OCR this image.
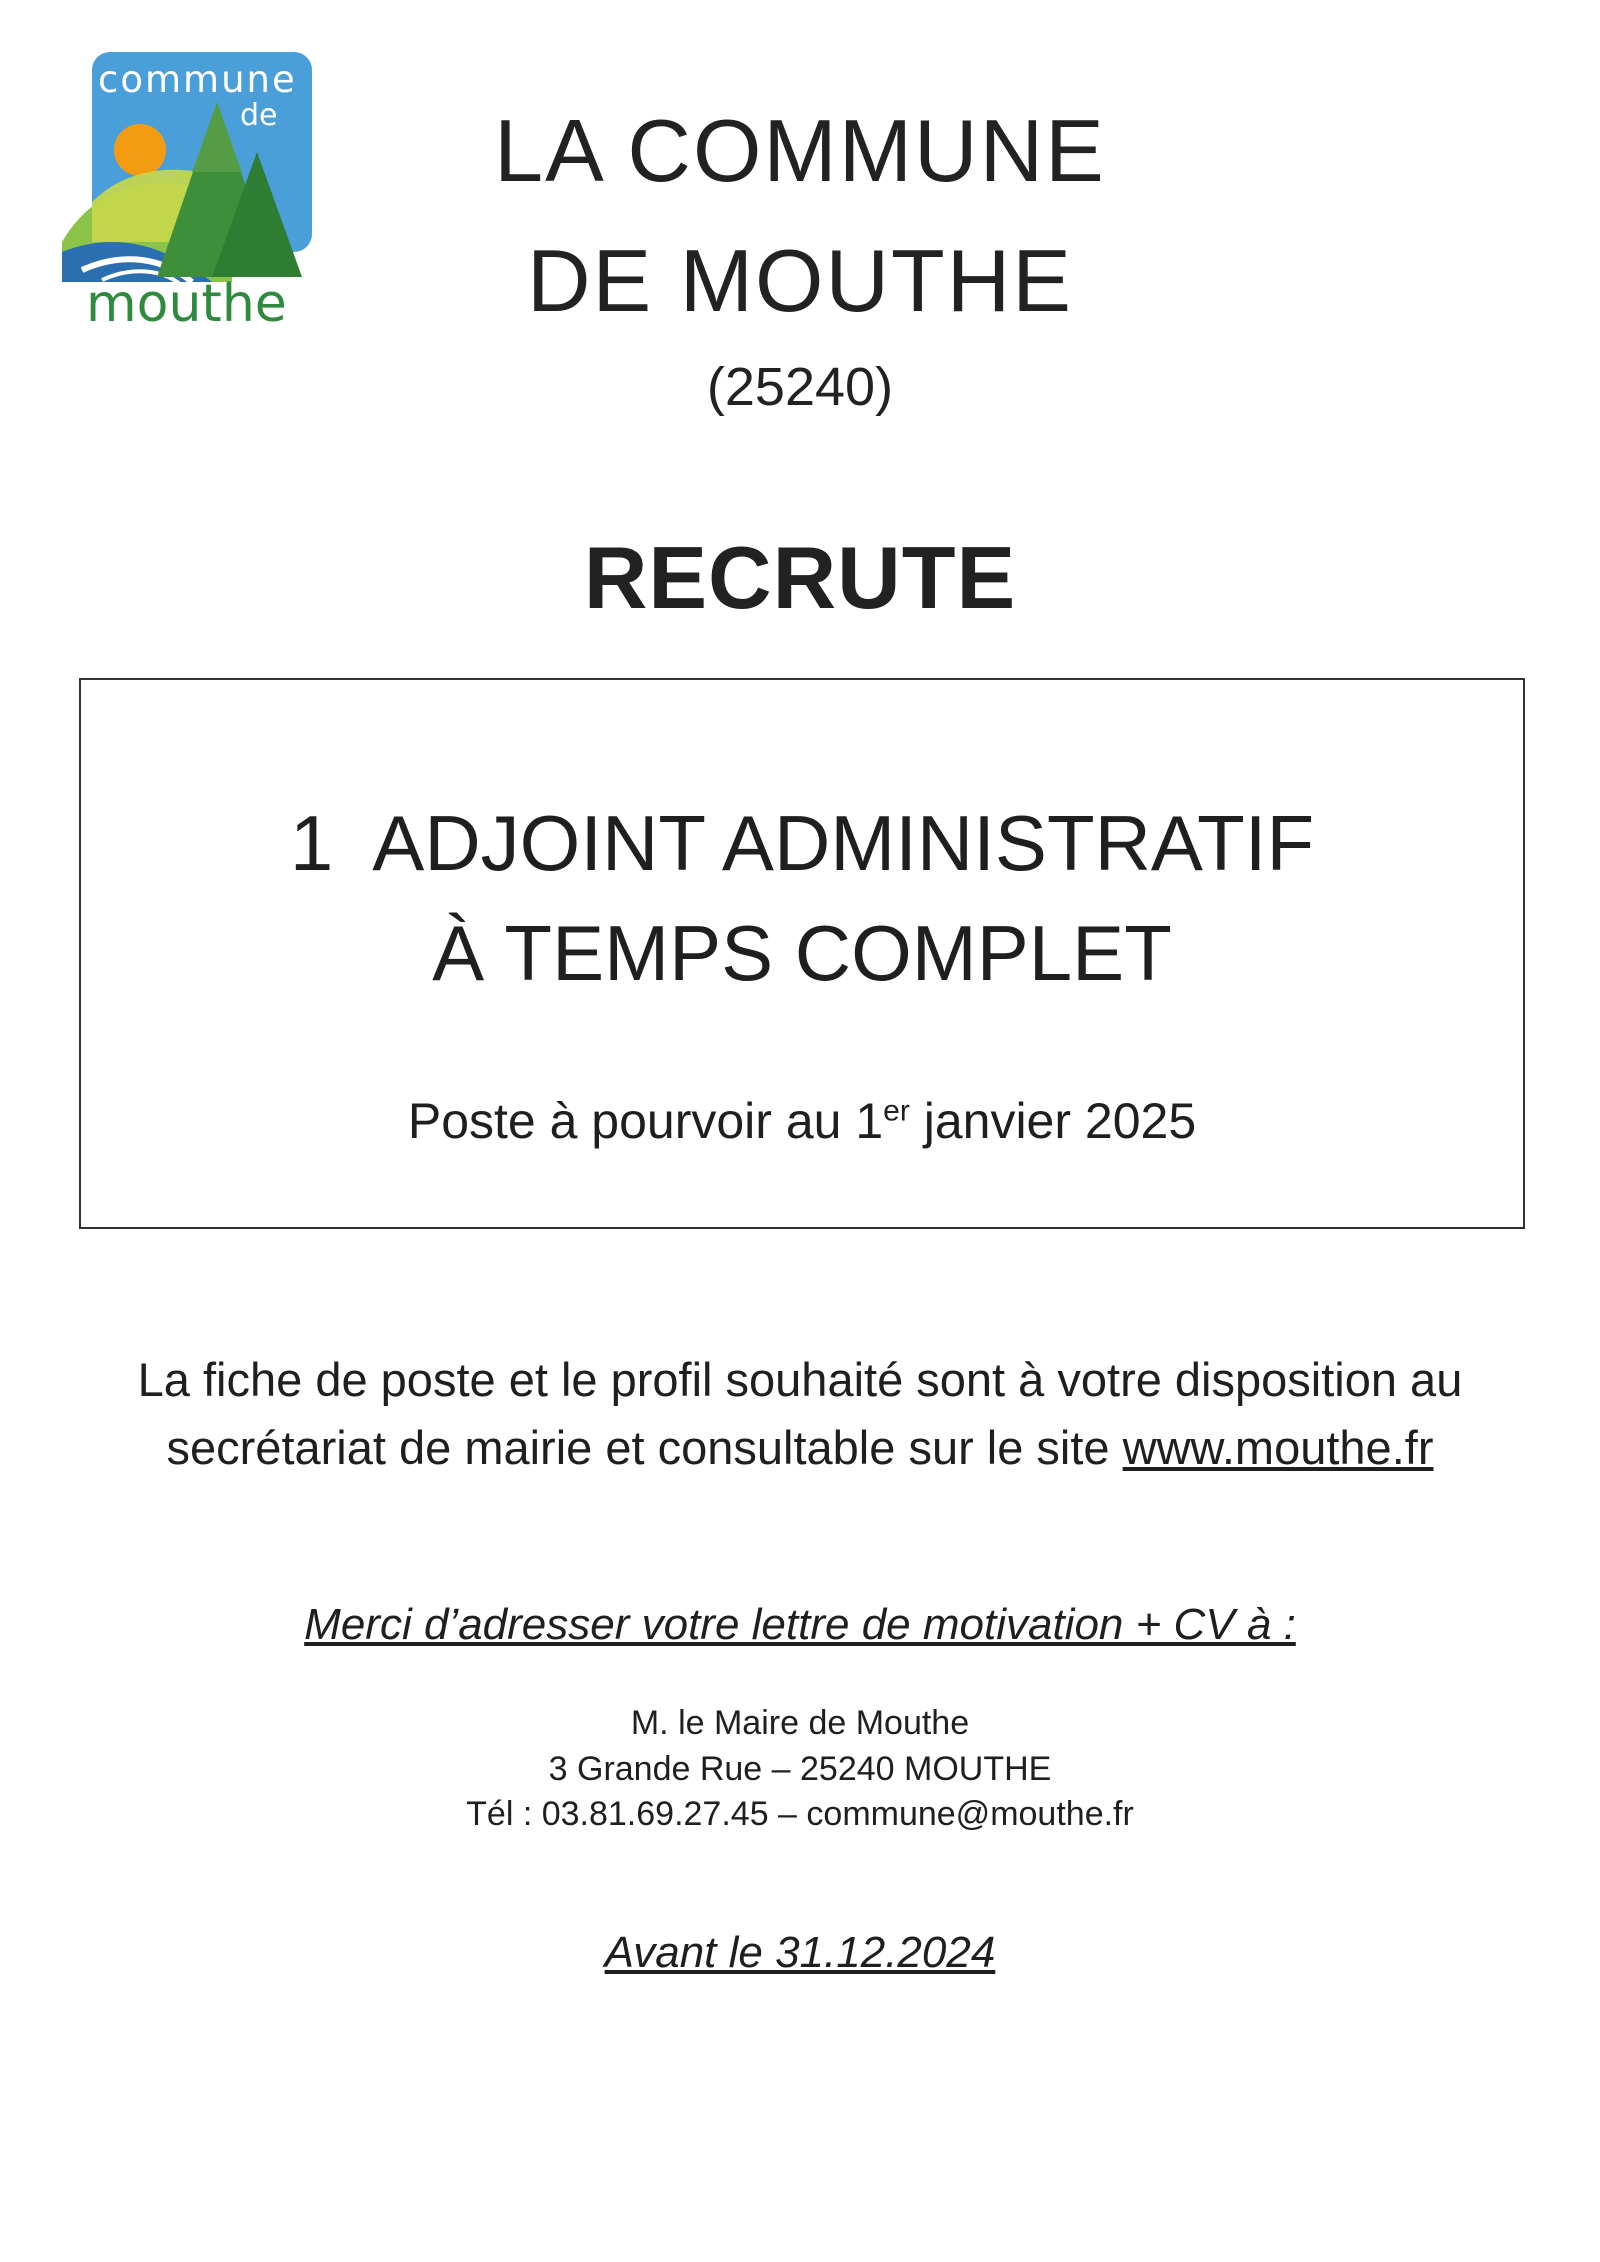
commune
de
mouthe
LA COMMUNE
DE MOUTHE
(25240)
RECRUTE
1  ADJOINT ADMINISTRATIF
À TEMPS COMPLET
Poste à pourvoir au 1er janvier 2025
La fiche de poste et le profil souhaité sont à votre disposition au
secrétariat de mairie et consultable sur le site www.mouthe.fr
Merci d’adresser votre lettre de motivation + CV à :
M. le Maire de Mouthe
3 Grande Rue – 25240 MOUTHE
Tél : 03.81.69.27.45 – commune@mouthe.fr
Avant le 31.12.2024
